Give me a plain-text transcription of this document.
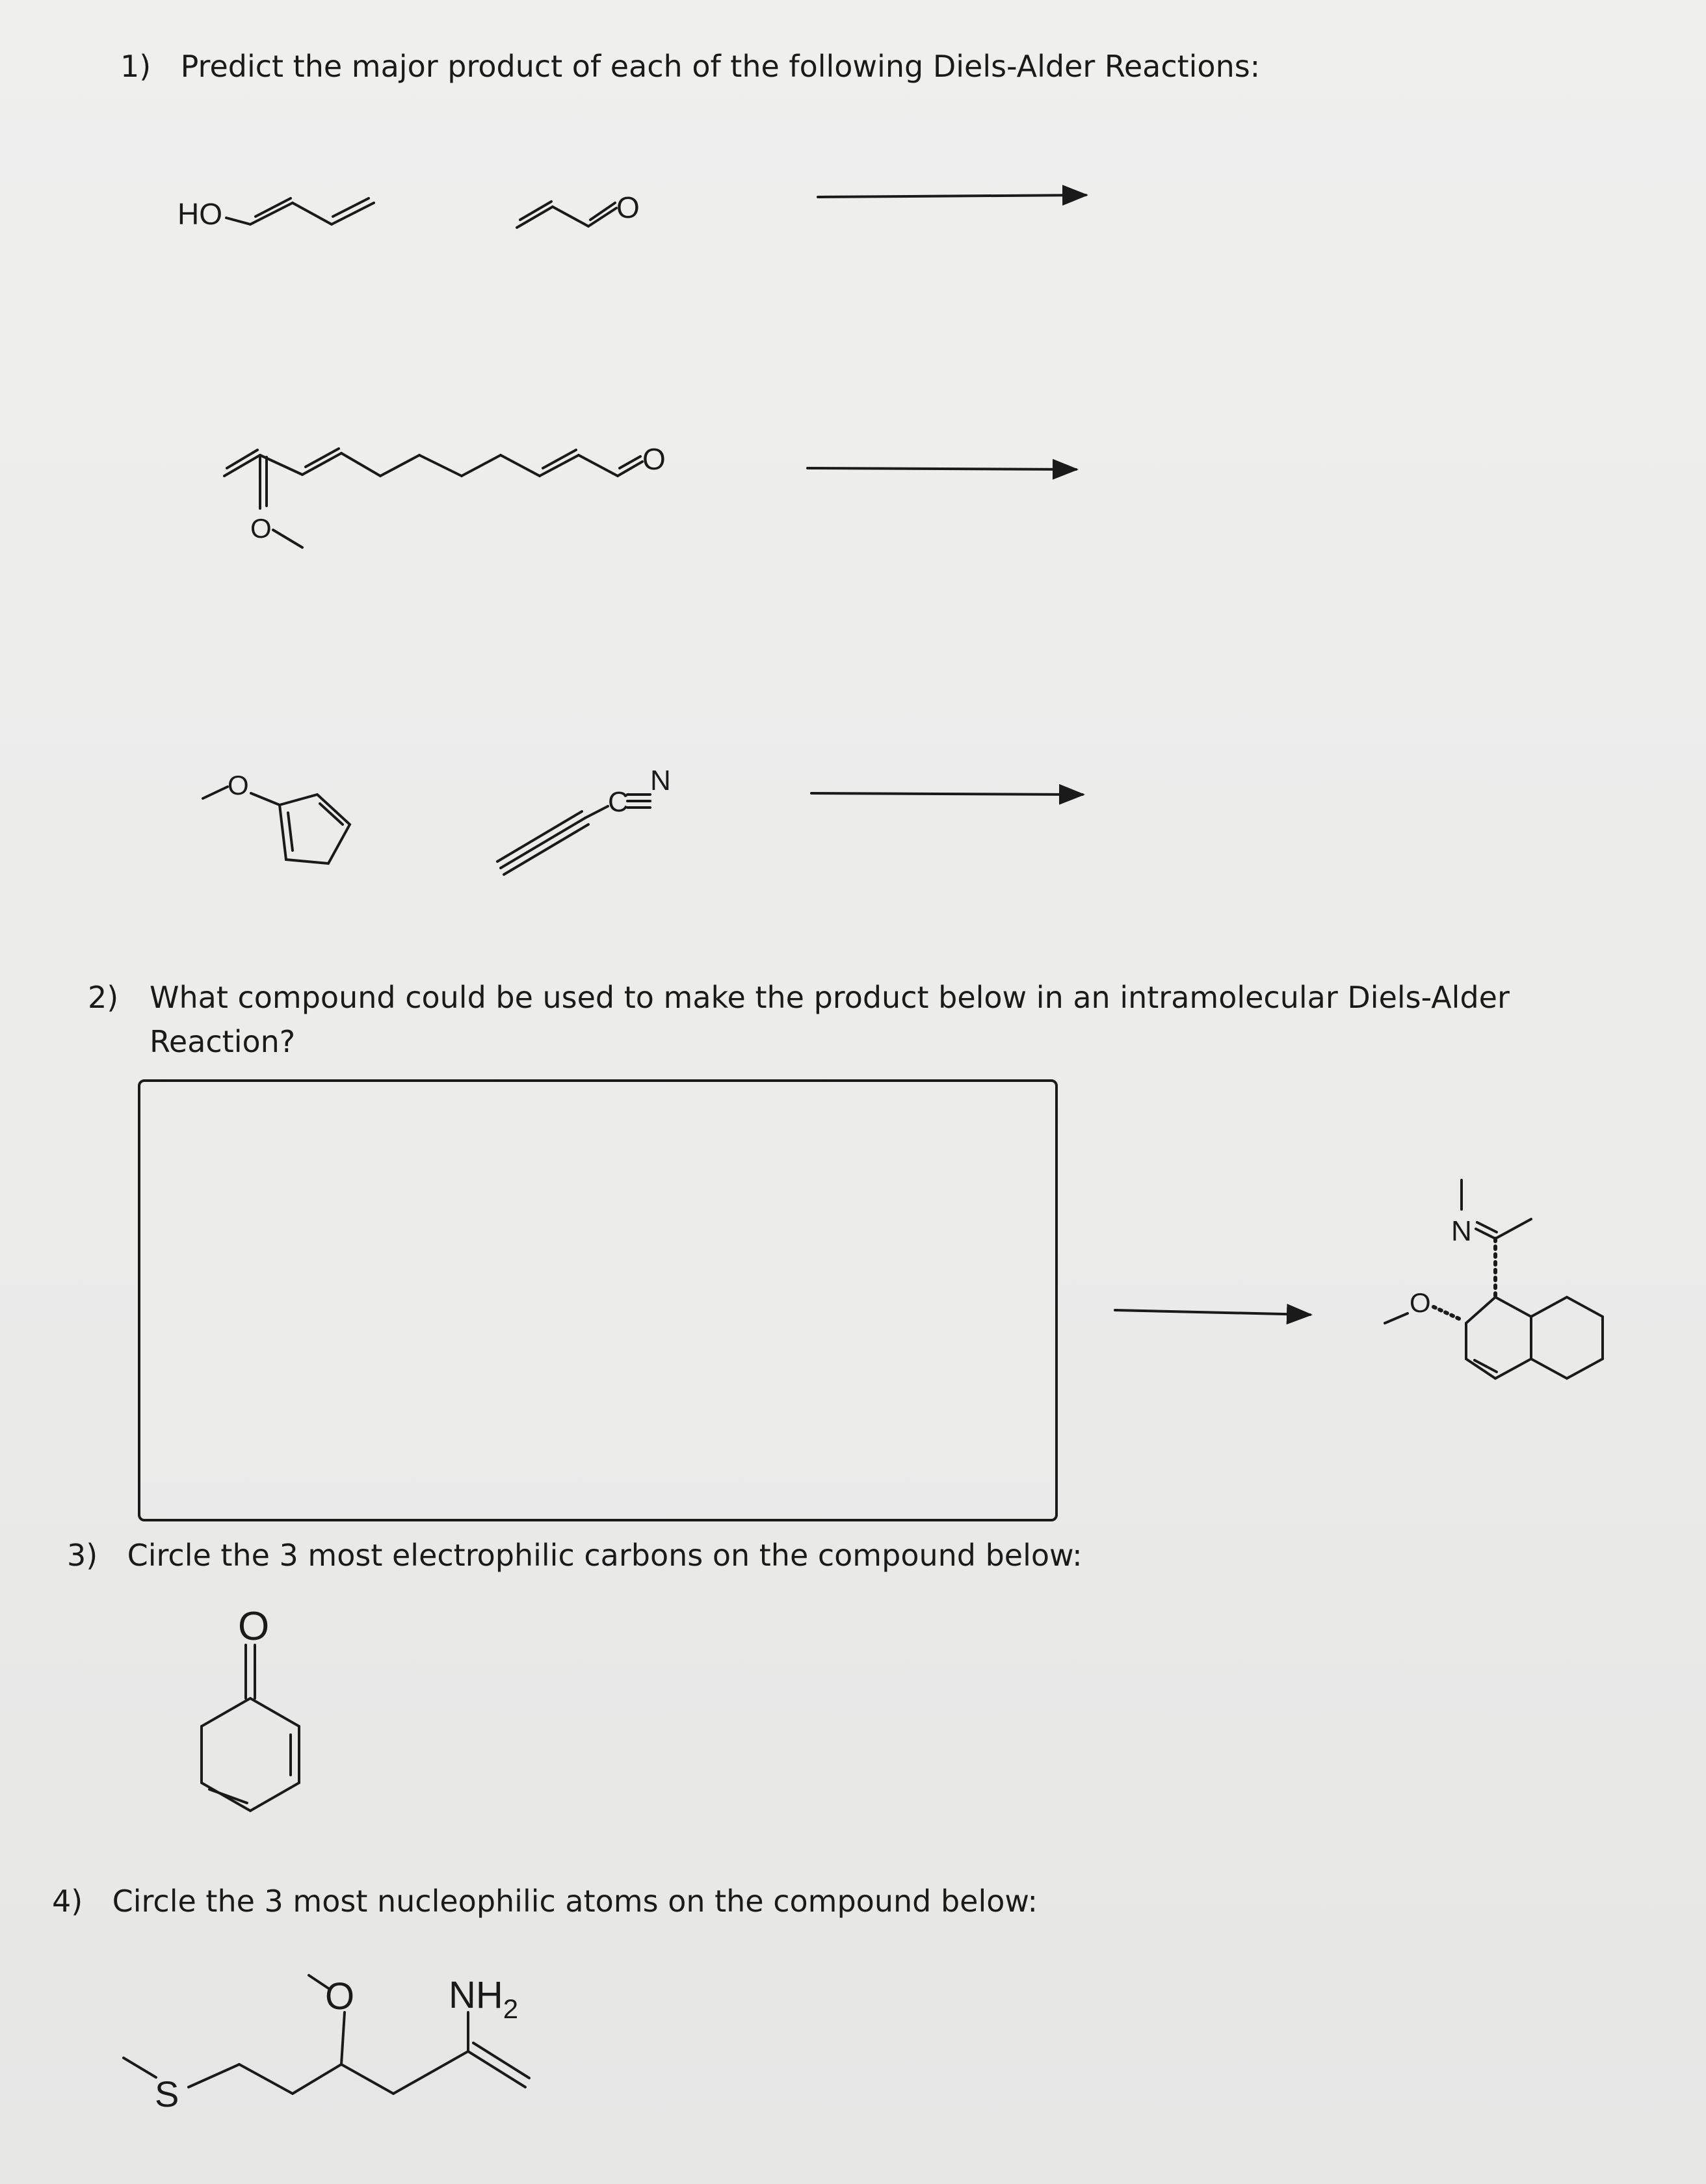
1) Predict the major product of each of the following Diels-Alder Reactions:
2)	What compound could be used to make the product below in an intramolecular Diels-Alder Reaction?
3) Circle the 3 most electrophilic carbons on the compound below:
4) Circle the 3 most nucleophilic atoms on the compound below:
HO	O
O
O
O
C
N
N
O
O
S
O $NH_2$
